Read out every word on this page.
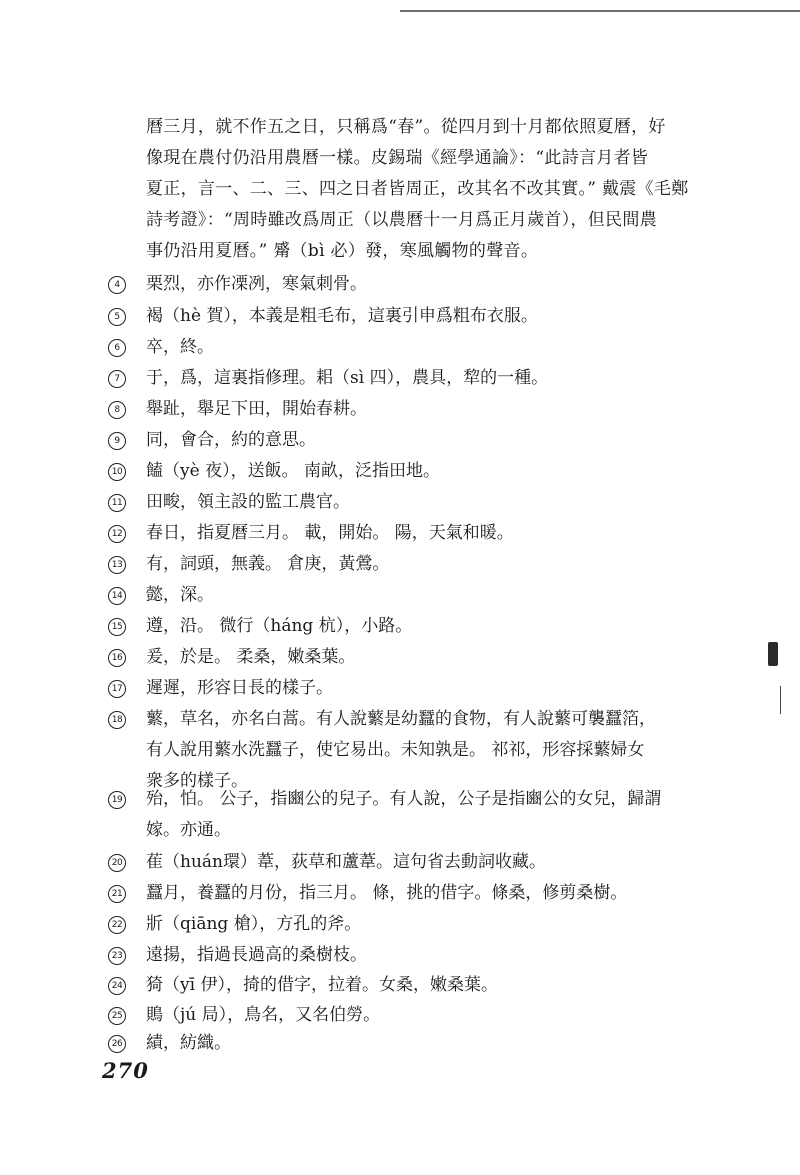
曆三月，就不作五之日，只稱爲“春”。從四月到十月都依照夏曆，好
像現在農付仍沿用農曆一樣。皮錫瑞《經學通論》：“此詩言月者皆
夏正，言一、二、三、四之日者皆周正，改其名不改其實。” 戴震《毛鄭
詩考證》：“周時雖改爲周正（以農曆十一月爲正月歲首），但民間農
事仍沿用夏曆。” 觱（bì 必）發，寒風觸物的聲音。
4	栗烈，亦作凓冽，寒氣刺骨。
5	褐（hè 賀），本義是粗毛布，這裏引申爲粗布衣服。
6	卒，終。
7	于，爲，這裏指修理。耜（sì 四），農具，犂的一種。
8	舉趾，舉足下田，開始春耕。
9	同，會合，約的意思。
10 饁（yè 夜），送飯。 南畝，泛指田地。
11 田畯，領主設的監工農官。
12 春日，指夏曆三月。 載，開始。 陽，天氣和暖。
13 有，詞頭，無義。 倉庚，黃鶯。
14 懿，深。
15 遵，沿。 微行（háng 杭），小路。
16 爰，於是。 柔桑，嫩桑葉。
17 遲遲，形容日長的樣子。
18 蘩，草名，亦名白蒿。有人說蘩是幼蠶的食物，有人說蘩可襲蠶箔，
有人說用蘩水洗蠶子，使它易出。未知孰是。 祁祁，形容採蘩婦女
衆多的樣子。
19 殆，怕。 公子，指豳公的兒子。有人說，公子是指豳公的女兒，歸謂
嫁。亦通。
20 萑（huán環）葦，荻草和蘆葦。這句省去動詞收藏。
21 蠶月，養蠶的月份，指三月。 條，挑的借字。條桑，修剪桑樹。
22 斨（qiāng 槍），方孔的斧。
23 遠揚，指過長過高的桑樹枝。
24 猗（yī 伊），掎的借字，拉着。女桑，嫩桑葉。
25 鵙（jú 局），鳥名，又名伯勞。
26 績，紡織。
270
